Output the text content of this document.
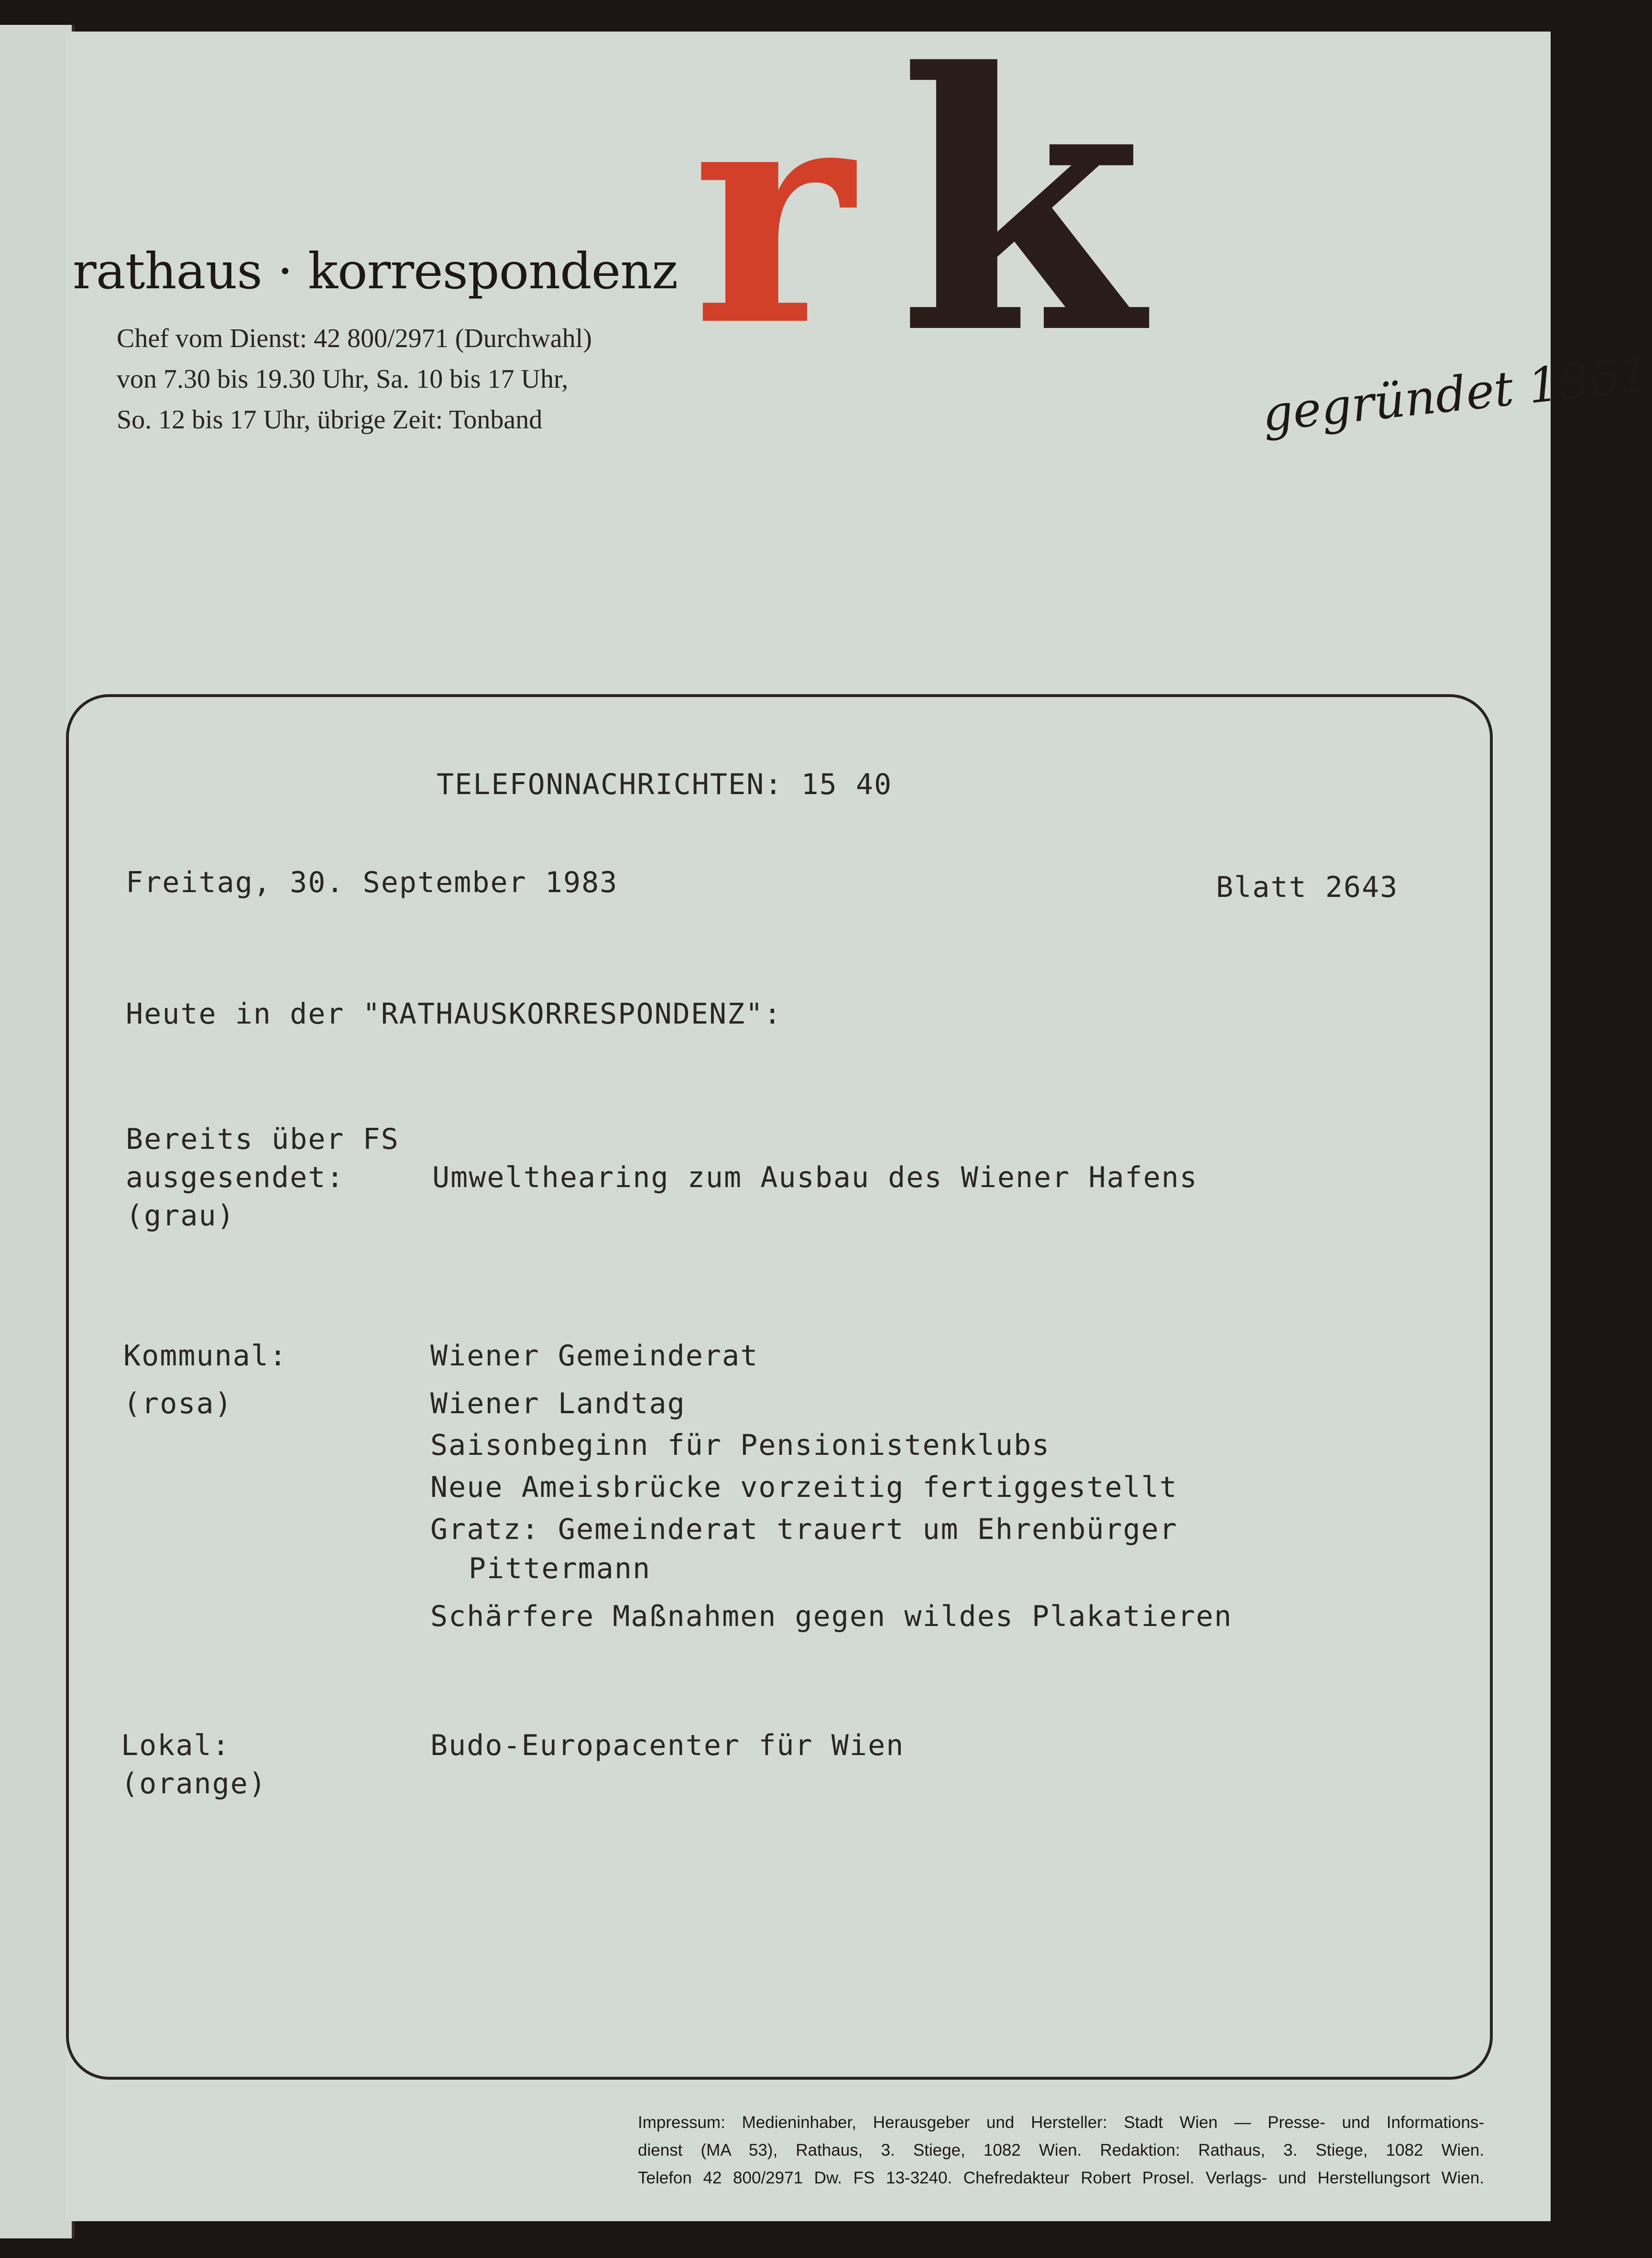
rathaus · korrespondenz
Chef vom Dienst: 42 800/2971 (Durchwahl)
von 7.30 bis 19.30 Uhr, Sa. 10 bis 17 Uhr,
So. 12 bis 17 Uhr, übrige Zeit: Tonband
r k gegründet 1861
TELEFONNACHRICHTEN: 15 40
Freitag, 30. September 1983	Blatt 2643
Heute in der "RATHAUSKORRESPONDENZ":
Bereits über FS
ausgesendet:
(grau)
Umwelthearing zum Ausbau des Wiener Hafens
Kommunal:
(rosa)
Wiener Gemeinderat
Wiener Landtag
Saisonbeginn für Pensionistenklubs
Neue Ameisbrücke vorzeitig fertiggestellt
Gratz: Gemeinderat trauert um Ehrenbürger
Pittermann
Schärfere Maßnahmen gegen wildes Plakatieren
Lokal:
(orange)
Budo-Europacenter für Wien
Impressum: Medieninhaber, Herausgeber und Hersteller: Stadt Wien — Presse- und Informations-
dienst (MA 53), Rathaus, 3. Stiege, 1082 Wien. Redaktion: Rathaus, 3. Stiege, 1082 Wien.
Telefon 42 800/2971 Dw. FS 13-3240. Chefredakteur Robert Prosel. Verlags- und Herstellungsort Wien.
